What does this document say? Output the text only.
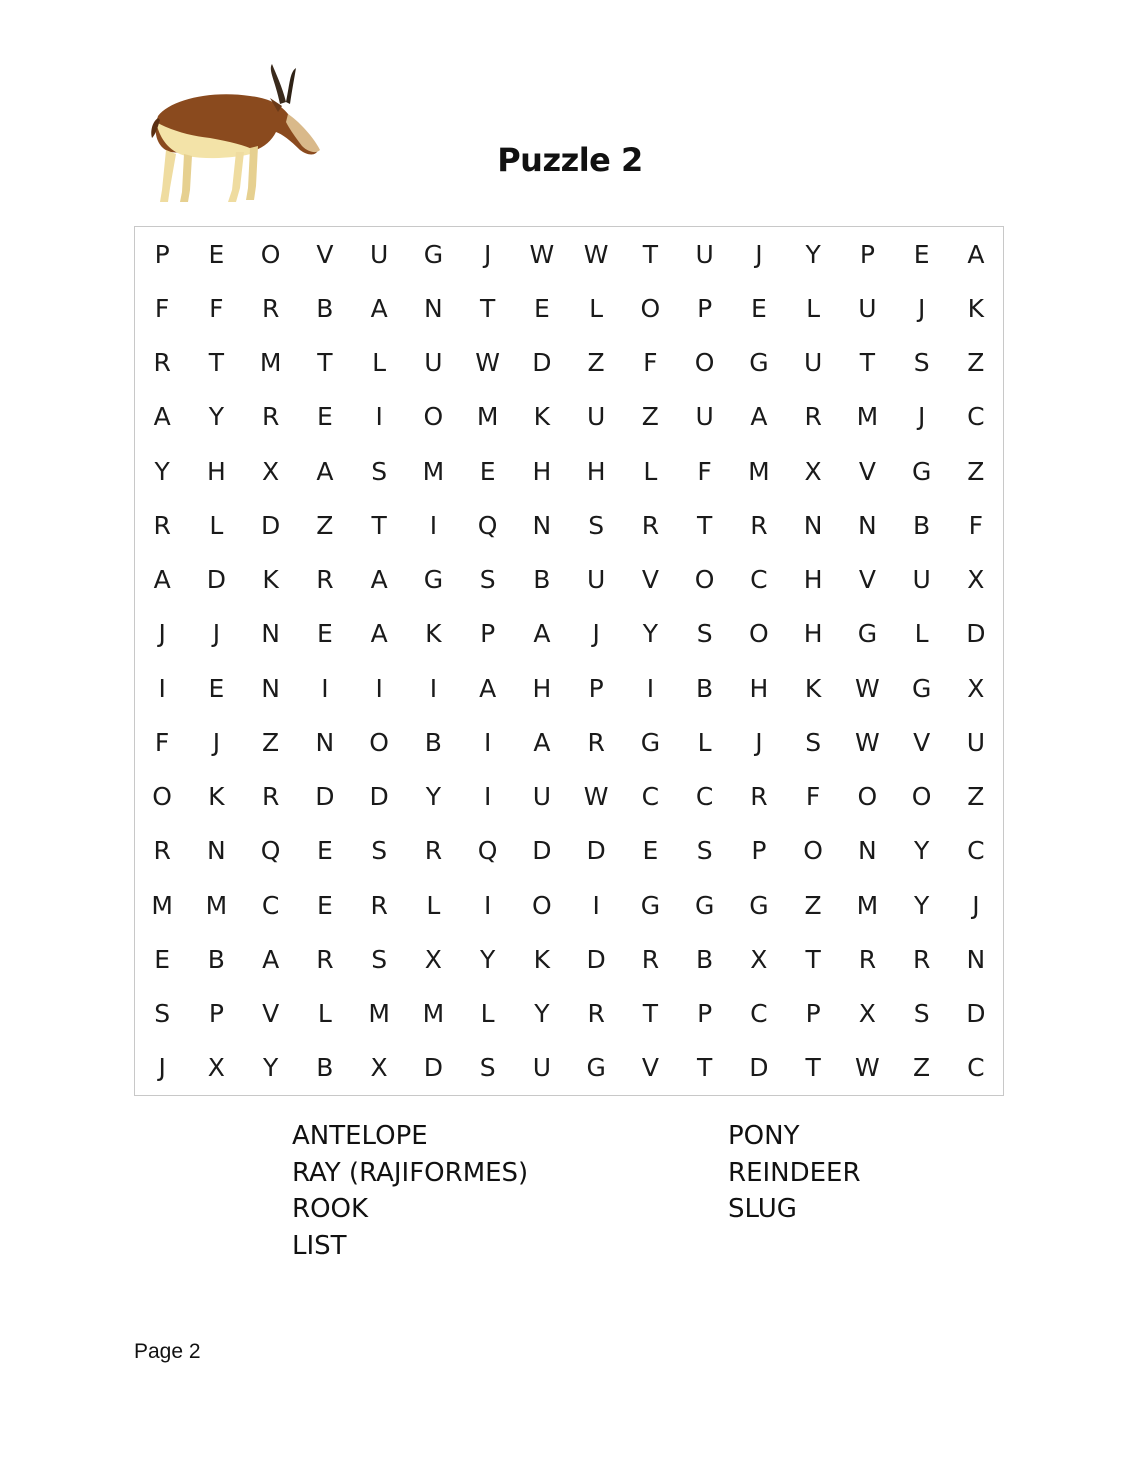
Puzzle 2
P	E	O	V	U	G	J	W	W	T	U	J	Y	P	E	A
F	F	R	B	A	N	T	E	L	O	P	E	L	U	J	K
R	T	M	T	L	U	W	D	Z	F	O	G	U	T	S	Z
A	Y	R	E	I	O	M	K	U	Z	U	A	R	M	J	C
Y	H	X	A	S	M	E	H	H	L	F	M	X	V	G	Z
R	L	D	Z	T	I	Q	N	S	R	T	R	N	N	B	F
A	D	K	R	A	G	S	B	U	V	O	C	H	V	U	X
J	J	N	E	A	K	P	A	J	Y	S	O	H	G	L	D
I	E	N	I	I	I	A	H	P	I	B	H	K	W	G	X
F	J	Z	N	O	B	I	A	R	G	L	J	S	W	V	U
O	K	R	D	D	Y	I	U	W	C	C	R	F	O	O	Z
R	N	Q	E	S	R	Q	D	D	E	S	P	O	N	Y	C
M	M	C	E	R	L	I	O	I	G	G	G	Z	M	Y	J
E	B	A	R	S	X	Y	K	D	R	B	X	T	R	R	N
S	P	V	L	M	M	L	Y	R	T	P	C	P	X	S	D
J	X	Y	B	X	D	S	U	G	V	T	D	T	W	Z	C
ANTELOPE
RAY (RAJIFORMES)
ROOK
LIST
PONY
REINDEER
SLUG
Page 2
